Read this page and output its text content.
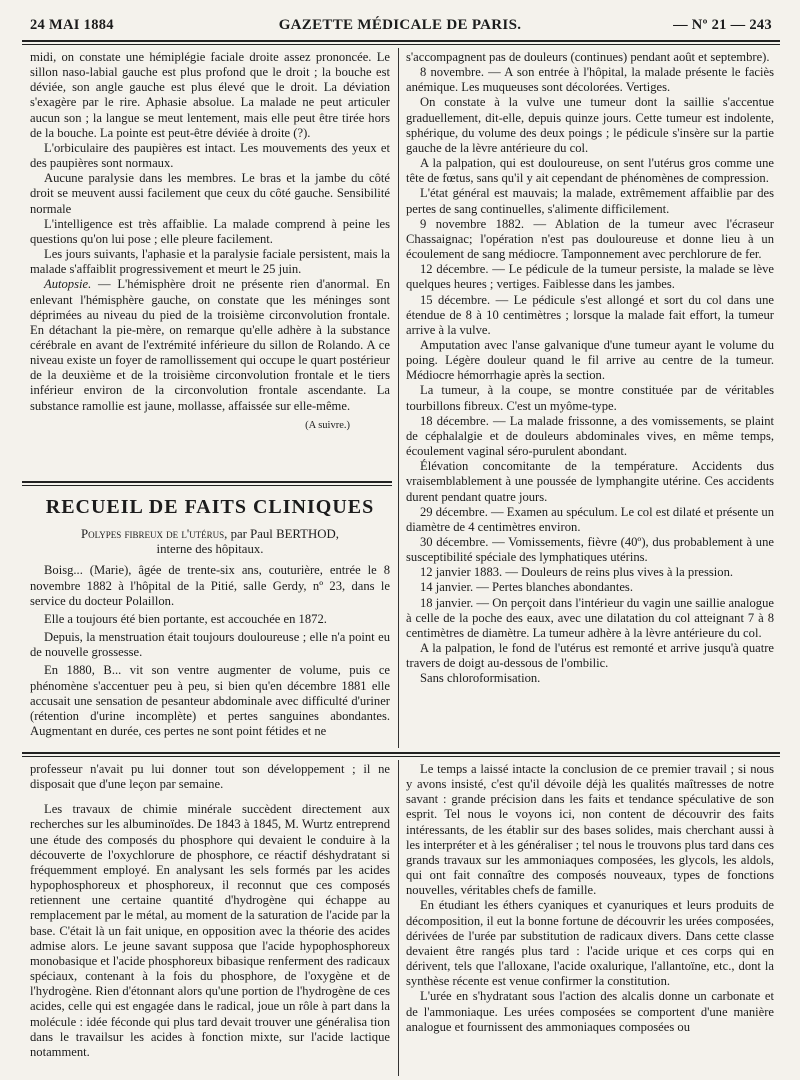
24 MAI 1884	GAZETTE MÉDICALE DE PARIS.	— Nº 21 — 243

midi, on constate une hémiplégie faciale droite assez prononcée. Le sillon naso-labial gauche est plus profond que le droit ; la bouche est déviée, son angle gauche est plus élevé que le droit. La déviation s'exagère par le rire. Aphasie absolue. La malade ne peut articuler aucun son ; la langue se meut lentement, mais elle peut être tirée hors de la bouche. La pointe est peut-être déviée à droite (?).

L'orbiculaire des paupières est intact. Les mouvements des yeux et des paupières sont normaux.

Aucune paralysie dans les membres. Le bras et la jambe du côté droit se meuvent aussi facilement que ceux du côté gauche. Sensibilité normale

L'intelligence est très affaiblie. La malade comprend à peine les questions qu'on lui pose ; elle pleure facilement.

Les jours suivants, l'aphasie et la paralysie faciale persistent, mais la malade s'affaiblit progressivement et meurt le 25 juin.

Autopsie. — L'hémisphère droit ne présente rien d'anormal. En enlevant l'hémisphère gauche, on constate que les méninges sont déprimées au niveau du pied de la troisième circonvolution frontale. En détachant la pie-mère, on remarque qu'elle adhère à la substance cérébrale en avant de l'extrémité inférieure du sillon de Rolando. A ce niveau existe un foyer de ramollissement qui occupe le quart postérieur de la deuxième et de la troisième circonvolution frontale et le tiers inférieur environ de la circonvolution frontale ascendante. La substance ramollie est jaune, mollasse, affaissée sur elle-même.

(A suivre.)

RECUEIL DE FAITS CLINIQUES

Polypes fibreux de l'utérus, par Paul BERTHOD,

interne des hôpitaux.

Boisg... (Marie), âgée de trente-six ans, couturière, entrée le 8 novembre 1882 à l'hôpital de la Pitié, salle Gerdy, nº 23, dans le service du docteur Polaillon.

Elle a toujours été bien portante, est accouchée en 1872.

Depuis, la menstruation était toujours douloureuse ; elle n'a point eu de nouvelle grossesse.

En 1880, B... vit son ventre augmenter de volume, puis ce phénomène s'accentuer peu à peu, si bien qu'en décembre 1881 elle accusait une sensation de pesanteur abdominale avec difficulté d'uriner (rétention d'urine incomplète) et pertes sanguines abondantes. Augmentant en durée, ces pertes ne sont point fétides et ne

s'accompagnent pas de douleurs (continues) pendant août et septembre).

8 novembre. — A son entrée à l'hôpital, la malade présente le faciès anémique. Les muqueuses sont décolorées. Vertiges.

On constate à la vulve une tumeur dont la saillie s'accentue graduellement, dit-elle, depuis quinze jours. Cette tumeur est indolente, sphérique, du volume des deux poings ; le pédicule s'insère sur la partie gauche de la lèvre antérieure du col.

A la palpation, qui est douloureuse, on sent l'utérus gros comme une tête de fœtus, sans qu'il y ait cependant de phénomènes de compression.

L'état général est mauvais; la malade, extrêmement affaiblie par des pertes de sang continuelles, s'alimente difficilement.

9 novembre 1882. — Ablation de la tumeur avec l'écraseur Chassaignac; l'opération n'est pas douloureuse et donne lieu à un écoulement de sang médiocre. Tamponnement avec perchlorure de fer.

12 décembre. — Le pédicule de la tumeur persiste, la malade se lève quelques heures ; vertiges. Faiblesse dans les jambes.

15 décembre. — Le pédicule s'est allongé et sort du col dans une étendue de 8 à 10 centimètres ; lorsque la malade fait effort, la tumeur arrive à la vulve.

Amputation avec l'anse galvanique d'une tumeur ayant le volume du poing. Légère douleur quand le fil arrive au centre de la tumeur. Médiocre hémorrhagie après la section.

La tumeur, à la coupe, se montre constituée par de véritables tourbillons fibreux. C'est un myôme-type.

18 décembre. — La malade frissonne, a des vomissements, se plaint de céphalalgie et de douleurs abdominales vives, en même temps, écoulement vaginal séro-purulent abondant.

Élévation concomitante de la température. Accidents dus vraisemblablement à une poussée de lymphangite utérine. Ces accidents durent pendant quatre jours.

29 décembre. — Examen au spéculum. Le col est dilaté et présente un diamètre de 4 centimètres environ.

30 décembre. — Vomissements, fièvre (40º), dus probablement à une susceptibilité spéciale des lymphatiques utérins.

12 janvier 1883. — Douleurs de reins plus vives à la pression.

14 janvier. — Pertes blanches abondantes.

18 janvier. — On perçoit dans l'intérieur du vagin une saillie analogue à celle de la poche des eaux, avec une dilatation du col atteignant 7 à 8 centimètres de diamètre. La tumeur adhère à la lèvre antérieure du col.

A la palpation, le fond de l'utérus est remonté et arrive jusqu'à quatre travers de doigt au-dessous de l'ombilic.

Sans chloroformisation.

professeur n'avait pu lui donner tout son développement ; il ne disposait que d'une leçon par semaine.

Les travaux de chimie minérale succèdent directement aux recherches sur les albuminoïdes. De 1843 à 1845, M. Wurtz entreprend une étude des composés du phosphore qui devaient le conduire à la découverte de l'oxychlorure de phosphore, ce réactif déshydratant si fréquemment employé. En analysant les sels formés par les acides hypophosphoreux et phosphoreux, il reconnut que ces composés retiennent une certaine quantité d'hydrogène qui échappe au remplacement par le métal, au moment de la saturation de l'acide par la base. C'était là un fait unique, en opposition avec la théorie des acides admise alors. Le jeune savant supposa que l'acide hypophosphoreux monobasique et l'acide phosphoreux bibasique renferment des radicaux spéciaux, contenant à la fois du phosphore, de l'oxygène et de l'hydrogène. Rien d'étonnant alors qu'une portion de l'hydrogène de ces acides, celle qui est engagée dans le radical, joue un rôle à part dans la molécule : idée féconde qui plus tard devait trouver une généralisa tion dans le travailsur les acides à fonction mixte, sur l'acide lactique notamment.

Le temps a laissé intacte la conclusion de ce premier travail ; si nous y avons insisté, c'est qu'il dévoile déjà les qualités maîtresses de notre savant : grande précision dans les faits et tendance spéculative de son esprit. Tel nous le voyons ici, non content de découvrir des faits intéressants, de les établir sur des bases solides, mais cherchant aussi à les interpréter et à les généraliser ; tel nous le trouvons plus tard dans ces grands travaux sur les ammoniaques composées, les glycols, les aldols, qui ont fait connaître des composés nouveaux, types de fonctions nouvelles, véritables chefs de famille.

En étudiant les éthers cyaniques et cyanuriques et leurs produits de décomposition, il eut la bonne fortune de découvrir les urées composées, dérivées de l'urée par substitution de radicaux divers. Dans cette classe devaient être rangés plus tard : l'acide urique et ces corps qui en dérivent, tels que l'alloxane, l'acide oxalurique, l'allantoïne, etc., dont la synthèse récente est venue confirmer la constitution.

L'urée en s'hydratant sous l'action des alcalis donne un carbonate et de l'ammoniaque. Les urées composées se comportent d'une manière analogue et fournissent des ammoniaques composées ou
